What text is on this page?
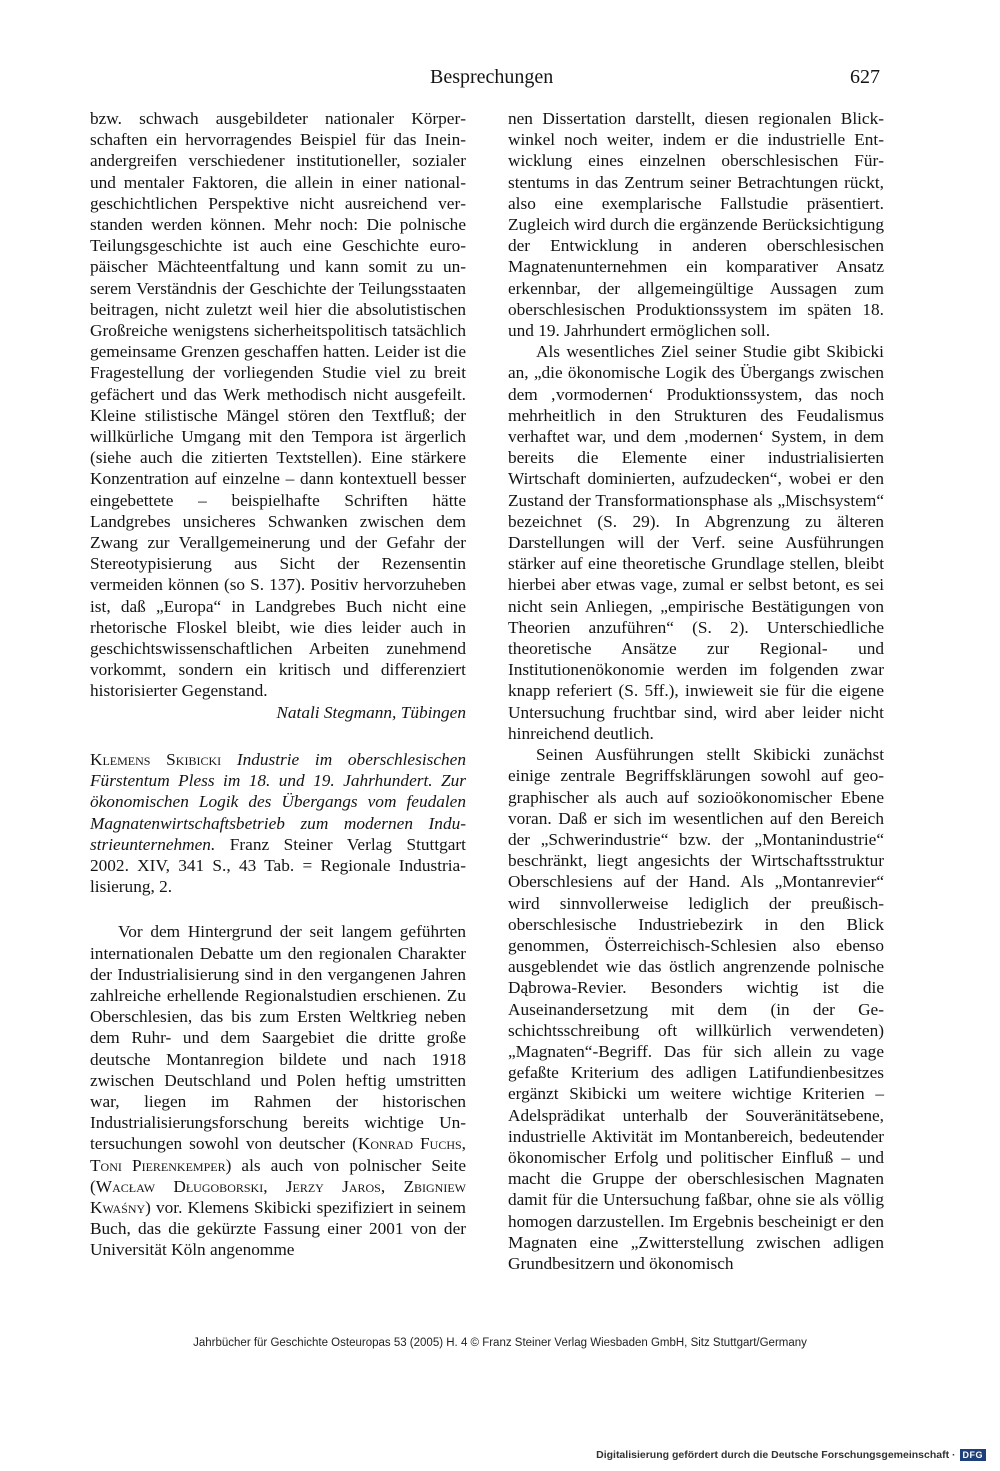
Besprechungen	627

bzw. schwach ausgebildeter nationaler Körperschaften ein hervorragendes Beispiel für das Ineinandergreifen verschiedener institutioneller, sozialer und mentaler Faktoren, die allein in einer nationalgeschichtlichen Perspektive nicht ausreichend verstanden werden können. Mehr noch: Die polnische Teilungsgeschichte ist auch eine Geschichte europäischer Mächteentfaltung und kann somit zu unserem Verständnis der Geschichte der Teilungsstaaten beitragen, nicht zuletzt weil hier die absolutistischen Großreiche wenigstens sicherheitspolitisch tatsächlich gemeinsame Grenzen geschaffen hatten. Leider ist die Fragestellung der vorliegenden Studie viel zu breit gefächert und das Werk methodisch nicht ausgefeilt. Kleine stilistische Mängel stören den Textfluß; der willkürliche Umgang mit den Tempora ist ärgerlich (siehe auch die zitierten Textstellen). Eine stärkere Konzentration auf einzelne – dann kontextuell besser eingebettete – beispielhafte Schriften hätte Landgrebes unsicheres Schwanken zwischen dem Zwang zur Verallgemeinerung und der Gefahr der Stereotypisierung aus Sicht der Rezensentin vermeiden können (so S. 137). Positiv hervorzuheben ist, daß „Europa“ in Landgrebes Buch nicht eine rhetorische Floskel bleibt, wie dies leider auch in geschichtswissenschaftlichen Arbeiten zunehmend vorkommt, sondern ein kritisch und differenziert historisierter Gegenstand.

Natali Stegmann, Tübingen

Klemens Skibicki Industrie im oberschlesischen Fürstentum Pless im 18. und 19. Jahrhundert. Zur ökonomischen Logik des Übergangs vom feudalen Magnatenwirtschaftsbetrieb zum modernen Industrieunternehmen. Franz Steiner Verlag Stuttgart 2002. XIV, 341 S., 43 Tab. = Regionale Industrialisierung, 2.

Vor dem Hintergrund der seit langem geführten internationalen Debatte um den regionalen Charakter der Industrialisierung sind in den vergangenen Jahren zahlreiche erhellende Regionalstudien erschienen. Zu Oberschlesien, das bis zum Ersten Weltkrieg neben dem Ruhr- und dem Saargebiet die dritte große deutsche Montanregion bildete und nach 1918 zwischen Deutschland und Polen heftig umstritten war, liegen im Rahmen der historischen Industrialisierungsforschung bereits wichtige Untersuchungen sowohl von deutscher (Konrad Fuchs, Toni Pierenkemper) als auch von polnischer Seite (Wacław Długoborski, Jerzy Jaros, Zbigniew Kwaśny) vor. Klemens Skibicki spezifiziert in seinem Buch, das die gekürzte Fassung einer 2001 von der Universität Köln angenomme

nen Dissertation darstellt, diesen regionalen Blickwinkel noch weiter, indem er die industrielle Entwicklung eines einzelnen oberschlesischen Fürstentums in das Zentrum seiner Betrachtungen rückt, also eine exemplarische Fallstudie präsentiert. Zugleich wird durch die ergänzende Berücksichtigung der Entwicklung in anderen oberschlesischen Magnatenunternehmen ein komparativer Ansatz erkennbar, der allgemeingültige Aussagen zum oberschlesischen Produktionssystem im späten 18. und 19. Jahrhundert ermöglichen soll.

Als wesentliches Ziel seiner Studie gibt Skibicki an, „die ökonomische Logik des Übergangs zwischen dem ‚vormodernen‘ Produktionssystem, das noch mehrheitlich in den Strukturen des Feudalismus verhaftet war, und dem ‚modernen‘ System, in dem bereits die Elemente einer industrialisierten Wirtschaft dominierten, aufzudecken“, wobei er den Zustand der Transformationsphase als „Mischsystem“ bezeichnet (S. 29). In Abgrenzung zu älteren Darstellungen will der Verf. seine Ausführungen stärker auf eine theoretische Grundlage stellen, bleibt hierbei aber etwas vage, zumal er selbst betont, es sei nicht sein Anliegen, „empirische Bestätigungen von Theorien anzuführen“ (S. 2). Unterschiedliche theoretische Ansätze zur Regional- und Institutionenökonomie werden im folgenden zwar knapp referiert (S. 5ff.), inwieweit sie für die eigene Untersuchung fruchtbar sind, wird aber leider nicht hinreichend deutlich.

Seinen Ausführungen stellt Skibicki zunächst einige zentrale Begriffsklärungen sowohl auf geographischer als auch auf sozioökonomischer Ebene voran. Daß er sich im wesentlichen auf den Bereich der „Schwerindustrie“ bzw. der „Montanindustrie“ beschränkt, liegt angesichts der Wirtschaftsstruktur Oberschlesiens auf der Hand. Als „Montanrevier“ wird sinnvollerweise lediglich der preußisch-oberschlesische Industriebezirk in den Blick genommen, Österreichisch-Schlesien also ebenso ausgeblendet wie das östlich angrenzende polnische Dąbrowa-Revier. Besonders wichtig ist die Auseinandersetzung mit dem (in der Geschichtsschreibung oft willkürlich verwendeten) „Magnaten“-Begriff. Das für sich allein zu vage gefaßte Kriterium des adligen Latifundienbesitzes ergänzt Skibicki um weitere wichtige Kriterien – Adelsprädikat unterhalb der Souveränitätsebene, industrielle Aktivität im Montanbereich, bedeutender ökonomischer Erfolg und politischer Einfluß – und macht die Gruppe der oberschlesischen Magnaten damit für die Untersuchung faßbar, ohne sie als völlig homogen darzustellen. Im Ergebnis bescheinigt er den Magnaten eine „Zwitterstellung zwischen adligen Grundbesitzern und ökonomisch

Jahrbücher für Geschichte Osteuropas 53 (2005) H. 4 © Franz Steiner Verlag Wiesbaden GmbH, Sitz Stuttgart/Germany
Digitalisierung gefördert durch die Deutsche Forschungsgemeinschaft · DFG
